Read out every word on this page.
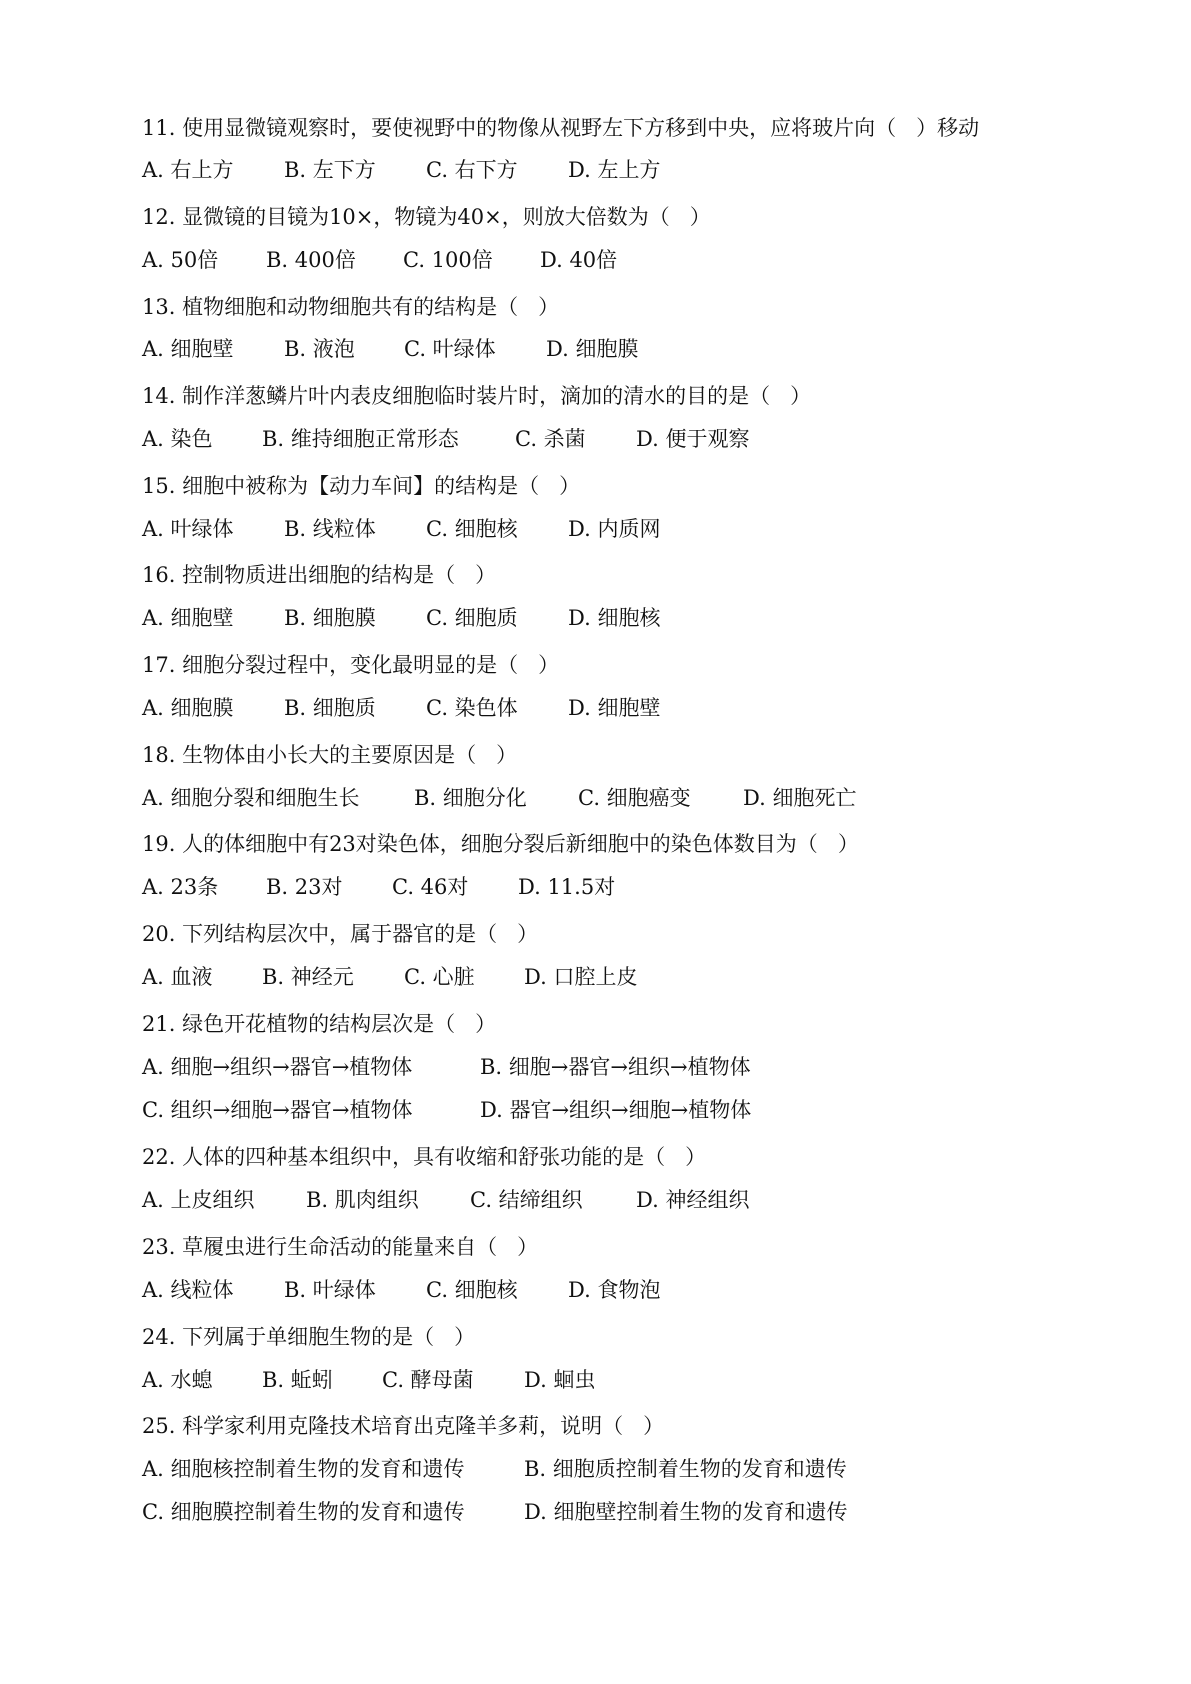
11. 使用显微镜观察时，要使视野中的物像从视野左下方移到中央，应将玻片向（   ）移动
A. 右上方 B. 左下方 C. 右下方 D. 左上方
12. 显微镜的目镜为10×，物镜为40×，则放大倍数为（   ）
A. 50倍 B. 400倍 C. 100倍 D. 40倍
13. 植物细胞和动物细胞共有的结构是（   ）
A. 细胞壁 B. 液泡 C. 叶绿体 D. 细胞膜
14. 制作洋葱鳞片叶内表皮细胞临时装片时，滴加的清水的目的是（   ）
A. 染色 B. 维持细胞正常形态	C. 杀菌 D. 便于观察
15. 细胞中被称为【动力车间】的结构是（   ）
A. 叶绿体 B. 线粒体 C. 细胞核 D. 内质网
16. 控制物质进出细胞的结构是（   ）
A. 细胞壁 B. 细胞膜 C. 细胞质 D. 细胞核
17. 细胞分裂过程中，变化最明显的是（   ）
A. 细胞膜 B. 细胞质 C. 染色体 D. 细胞壁
18. 生物体由小长大的主要原因是（   ）
A. 细胞分裂和细胞生长	B. 细胞分化 C. 细胞癌变 D. 细胞死亡
19. 人的体细胞中有23对染色体，细胞分裂后新细胞中的染色体数目为（   ）
A. 23条 B. 23对 C. 46对 D. 11.5对
20. 下列结构层次中，属于器官的是（   ）
A. 血液 B. 神经元 C. 心脏 D. 口腔上皮
21. 绿色开花植物的结构层次是（   ）
A. 细胞→组织→器官→植物体	B. 细胞→器官→组织→植物体
C. 组织→细胞→器官→植物体	D. 器官→组织→细胞→植物体
22. 人体的四种基本组织中，具有收缩和舒张功能的是（   ）
A. 上皮组织 B. 肌肉组织 C. 结缔组织	D. 神经组织
23. 草履虫进行生命活动的能量来自（   ）
A. 线粒体 B. 叶绿体 C. 细胞核 D. 食物泡
24. 下列属于单细胞生物的是（   ）
A. 水螅 B. 蚯蚓 C. 酵母菌 D. 蛔虫
25. 科学家利用克隆技术培育出克隆羊多莉，说明（   ）
A. 细胞核控制着生物的发育和遗传	B. 细胞质控制着生物的发育和遗传
C. 细胞膜控制着生物的发育和遗传	D. 细胞壁控制着生物的发育和遗传
